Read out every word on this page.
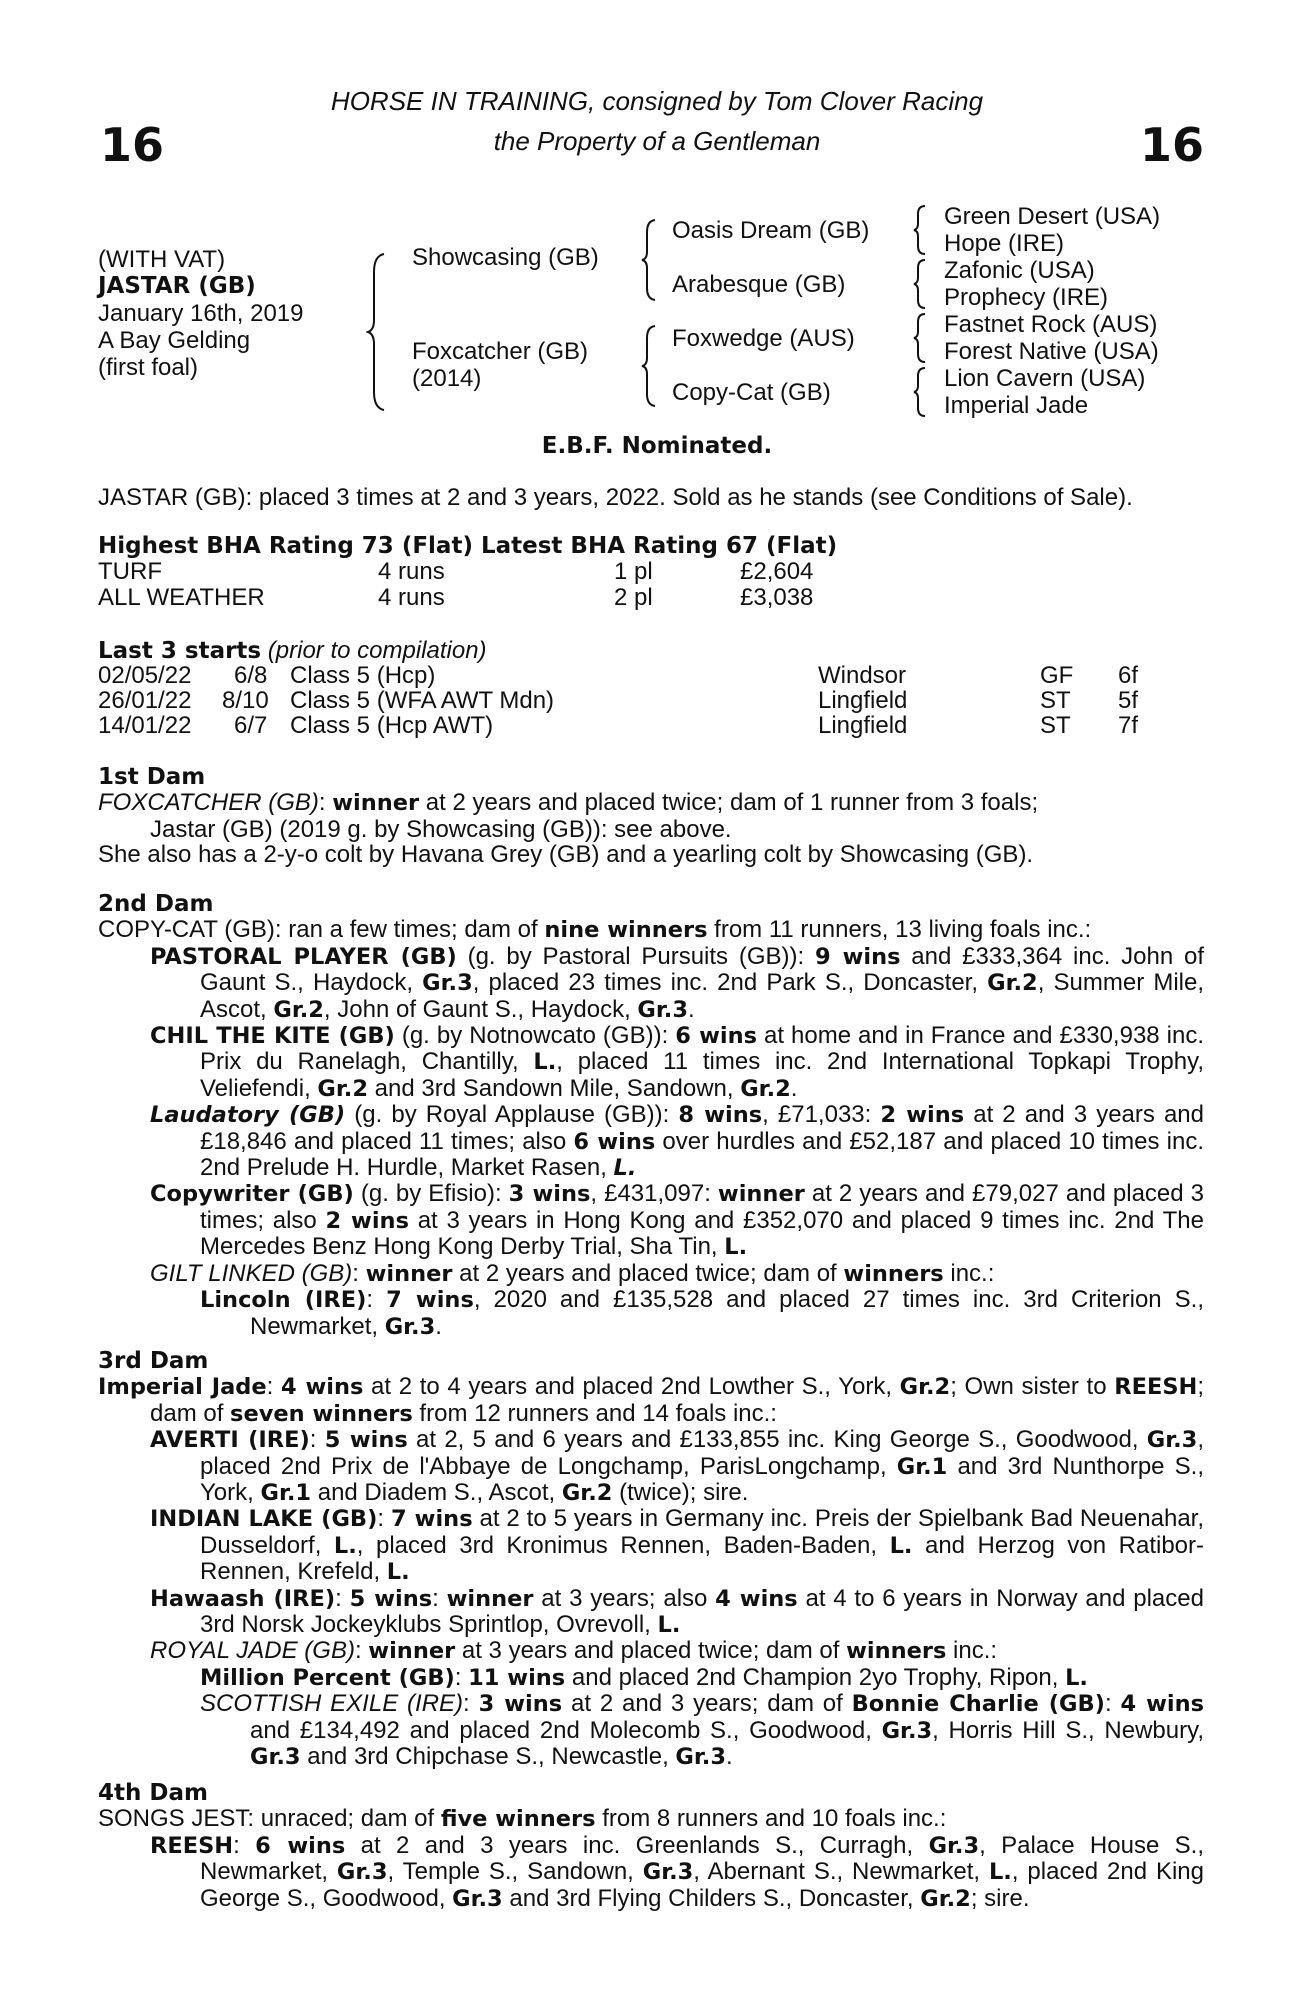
16	16
HORSE IN TRAINING, consigned by Tom Clover Racing
the Property of a Gentleman
(WITH VAT)
JASTAR (GB)
January 16th, 2019
A Bay Gelding
(first foal)
Showcasing (GB)
Foxcatcher (GB)
(2014)
Oasis Dream (GB)
Arabesque (GB)
Foxwedge (AUS)
Copy-Cat (GB)
Green Desert (USA)
Hope (IRE)
Zafonic (USA)
Prophecy (IRE)
Fastnet Rock (AUS)
Forest Native (USA)
Lion Cavern (USA)
Imperial Jade
E.B.F. Nominated.
JASTAR (GB): placed 3 times at 2 and 3 years, 2022. Sold as he stands (see Conditions of Sale).
Highest BHA Rating 73 (Flat) Latest BHA Rating 67 (Flat)
TURF	4 runs	1 pl	£2,604
ALL WEATHER	4 runs	2 pl	£3,038
Last 3 starts (prior to compilation)
02/05/22 6/8 Class 5 (Hcp)	Windsor	GF 6f
26/01/22 8/10 Class 5 (WFA AWT Mdn)	Lingfield	ST 5f
14/01/22 6/7 Class 5 (Hcp AWT)	Lingfield	ST 7f

1st Dam

FOXCATCHER (GB): winner at 2 years and placed twice; dam of 1 runner from 3 foals;

Jastar (GB) (2019 g. by Showcasing (GB)): see above.

She also has a 2-y-o colt by Havana Grey (GB) and a yearling colt by Showcasing (GB).

2nd Dam

COPY-CAT (GB): ran a few times; dam of nine winners from 11 runners, 13 living foals inc.:

PASTORAL PLAYER (GB) (g. by Pastoral Pursuits (GB)): 9 wins and £333,364 inc. John of Gaunt S., Haydock, Gr.3, placed 23 times inc. 2nd Park S., Doncaster, Gr.2, Summer Mile, Ascot, Gr.2, John of Gaunt S., Haydock, Gr.3.

CHIL THE KITE (GB) (g. by Notnowcato (GB)): 6 wins at home and in France and £330,938 inc. Prix du Ranelagh, Chantilly, L., placed 11 times inc. 2nd International Topkapi Trophy, Veliefendi, Gr.2 and 3rd Sandown Mile, Sandown, Gr.2.

Laudatory (GB) (g. by Royal Applause (GB)): 8 wins, £71,033: 2 wins at 2 and 3 years and £18,846 and placed 11 times; also 6 wins over hurdles and £52,187 and placed 10 times inc. 2nd Prelude H. Hurdle, Market Rasen, L.

Copywriter (GB) (g. by Efisio): 3 wins, £431,097: winner at 2 years and £79,027 and placed 3 times; also 2 wins at 3 years in Hong Kong and £352,070 and placed 9 times inc. 2nd The Mercedes Benz Hong Kong Derby Trial, Sha Tin, L.

GILT LINKED (GB): winner at 2 years and placed twice; dam of winners inc.:

Lincoln (IRE): 7 wins, 2020 and £135,528 and placed 27 times inc. 3rd Criterion S., Newmarket, Gr.3.

3rd Dam

Imperial Jade: 4 wins at 2 to 4 years and placed 2nd Lowther S., York, Gr.2; Own sister to REESH; dam of seven winners from 12 runners and 14 foals inc.:

AVERTI (IRE): 5 wins at 2, 5 and 6 years and £133,855 inc. King George S., Goodwood, Gr.3, placed 2nd Prix de l'Abbaye de Longchamp, ParisLongchamp, Gr.1 and 3rd Nunthorpe S., York, Gr.1 and Diadem S., Ascot, Gr.2 (twice); sire.

INDIAN LAKE (GB): 7 wins at 2 to 5 years in Germany inc. Preis der Spielbank Bad Neuenahar, Dusseldorf, L., placed 3rd Kronimus Rennen, Baden-Baden, L. and Herzog von Ratibor-Rennen, Krefeld, L.

Hawaash (IRE): 5 wins: winner at 3 years; also 4 wins at 4 to 6 years in Norway and placed 3rd Norsk Jockeyklubs Sprintlop, Ovrevoll, L.

ROYAL JADE (GB): winner at 3 years and placed twice; dam of winners inc.:

Million Percent (GB): 11 wins and placed 2nd Champion 2yo Trophy, Ripon, L.

SCOTTISH EXILE (IRE): 3 wins at 2 and 3 years; dam of Bonnie Charlie (GB): 4 wins and £134,492 and placed 2nd Molecomb S., Goodwood, Gr.3, Horris Hill S., Newbury, Gr.3 and 3rd Chipchase S., Newcastle, Gr.3.

4th Dam

SONGS JEST: unraced; dam of five winners from 8 runners and 10 foals inc.:

REESH: 6 wins at 2 and 3 years inc. Greenlands S., Curragh, Gr.3, Palace House S., Newmarket, Gr.3, Temple S., Sandown, Gr.3, Abernant S., Newmarket, L., placed 2nd King George S., Goodwood, Gr.3 and 3rd Flying Childers S., Doncaster, Gr.2; sire.
